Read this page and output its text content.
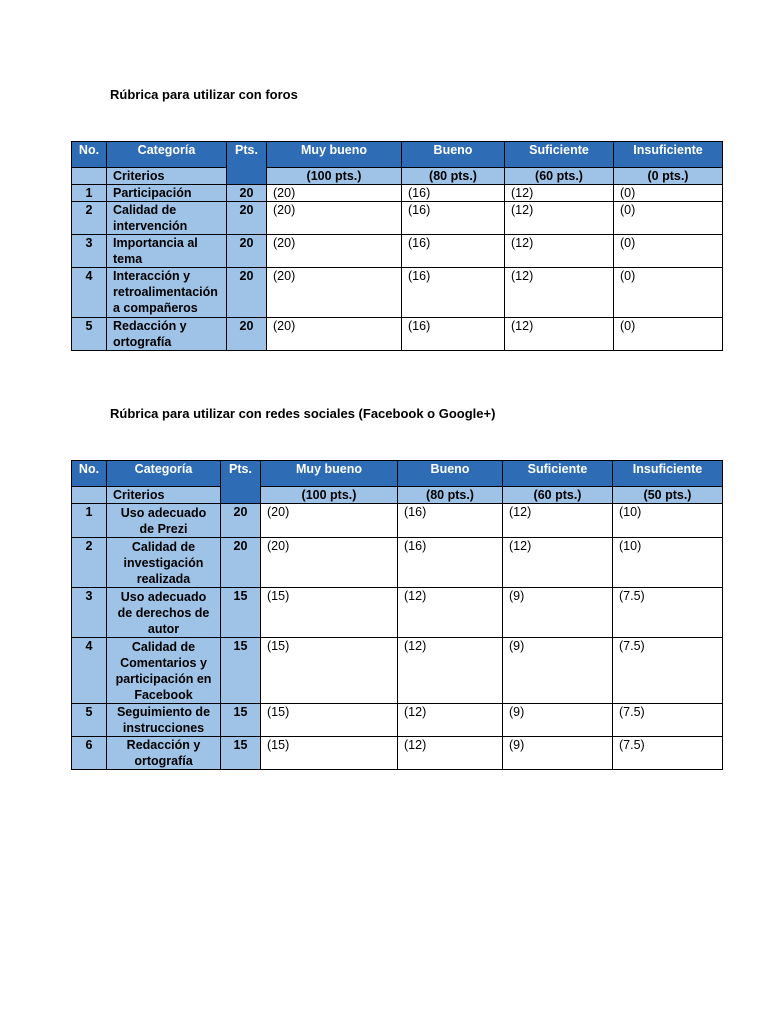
Rúbrica para utilizar con foros
No.	Categoría	Pts.	Muy bueno	Bueno	Suficiente	Insuficiente
	Criterios		(100 pts.)	(80 pts.)	(60 pts.)	(0 pts.)
1	Participación	20	(20)	(16)	(12)	(0)
2	Calidad de intervención	20	(20)	(16)	(12)	(0)
3	Importancia al tema	20	(20)	(16)	(12)	(0)
4	Interacción y retroalimentación a compañeros	20	(20)	(16)	(12)	(0)
5	Redacción y ortografía	20	(20)	(16)	(12)	(0)
Rúbrica para utilizar con redes sociales (Facebook o Google+)
No.	Categoría	Pts.	Muy bueno	Bueno	Suficiente	Insuficiente
	Criterios		(100 pts.)	(80 pts.)	(60 pts.)	(50 pts.)
1	Uso adecuado de Prezi	20	(20)	(16)	(12)	(10)
2	Calidad de investigación realizada	20	(20)	(16)	(12)	(10)
3	Uso adecuado de derechos de autor	15	(15)	(12)	(9)	(7.5)
4	Calidad de Comentarios y participación en Facebook	15	(15)	(12)	(9)	(7.5)
5	Seguimiento de instrucciones	15	(15)	(12)	(9)	(7.5)
6	Redacción y ortografía	15	(15)	(12)	(9)	(7.5)
